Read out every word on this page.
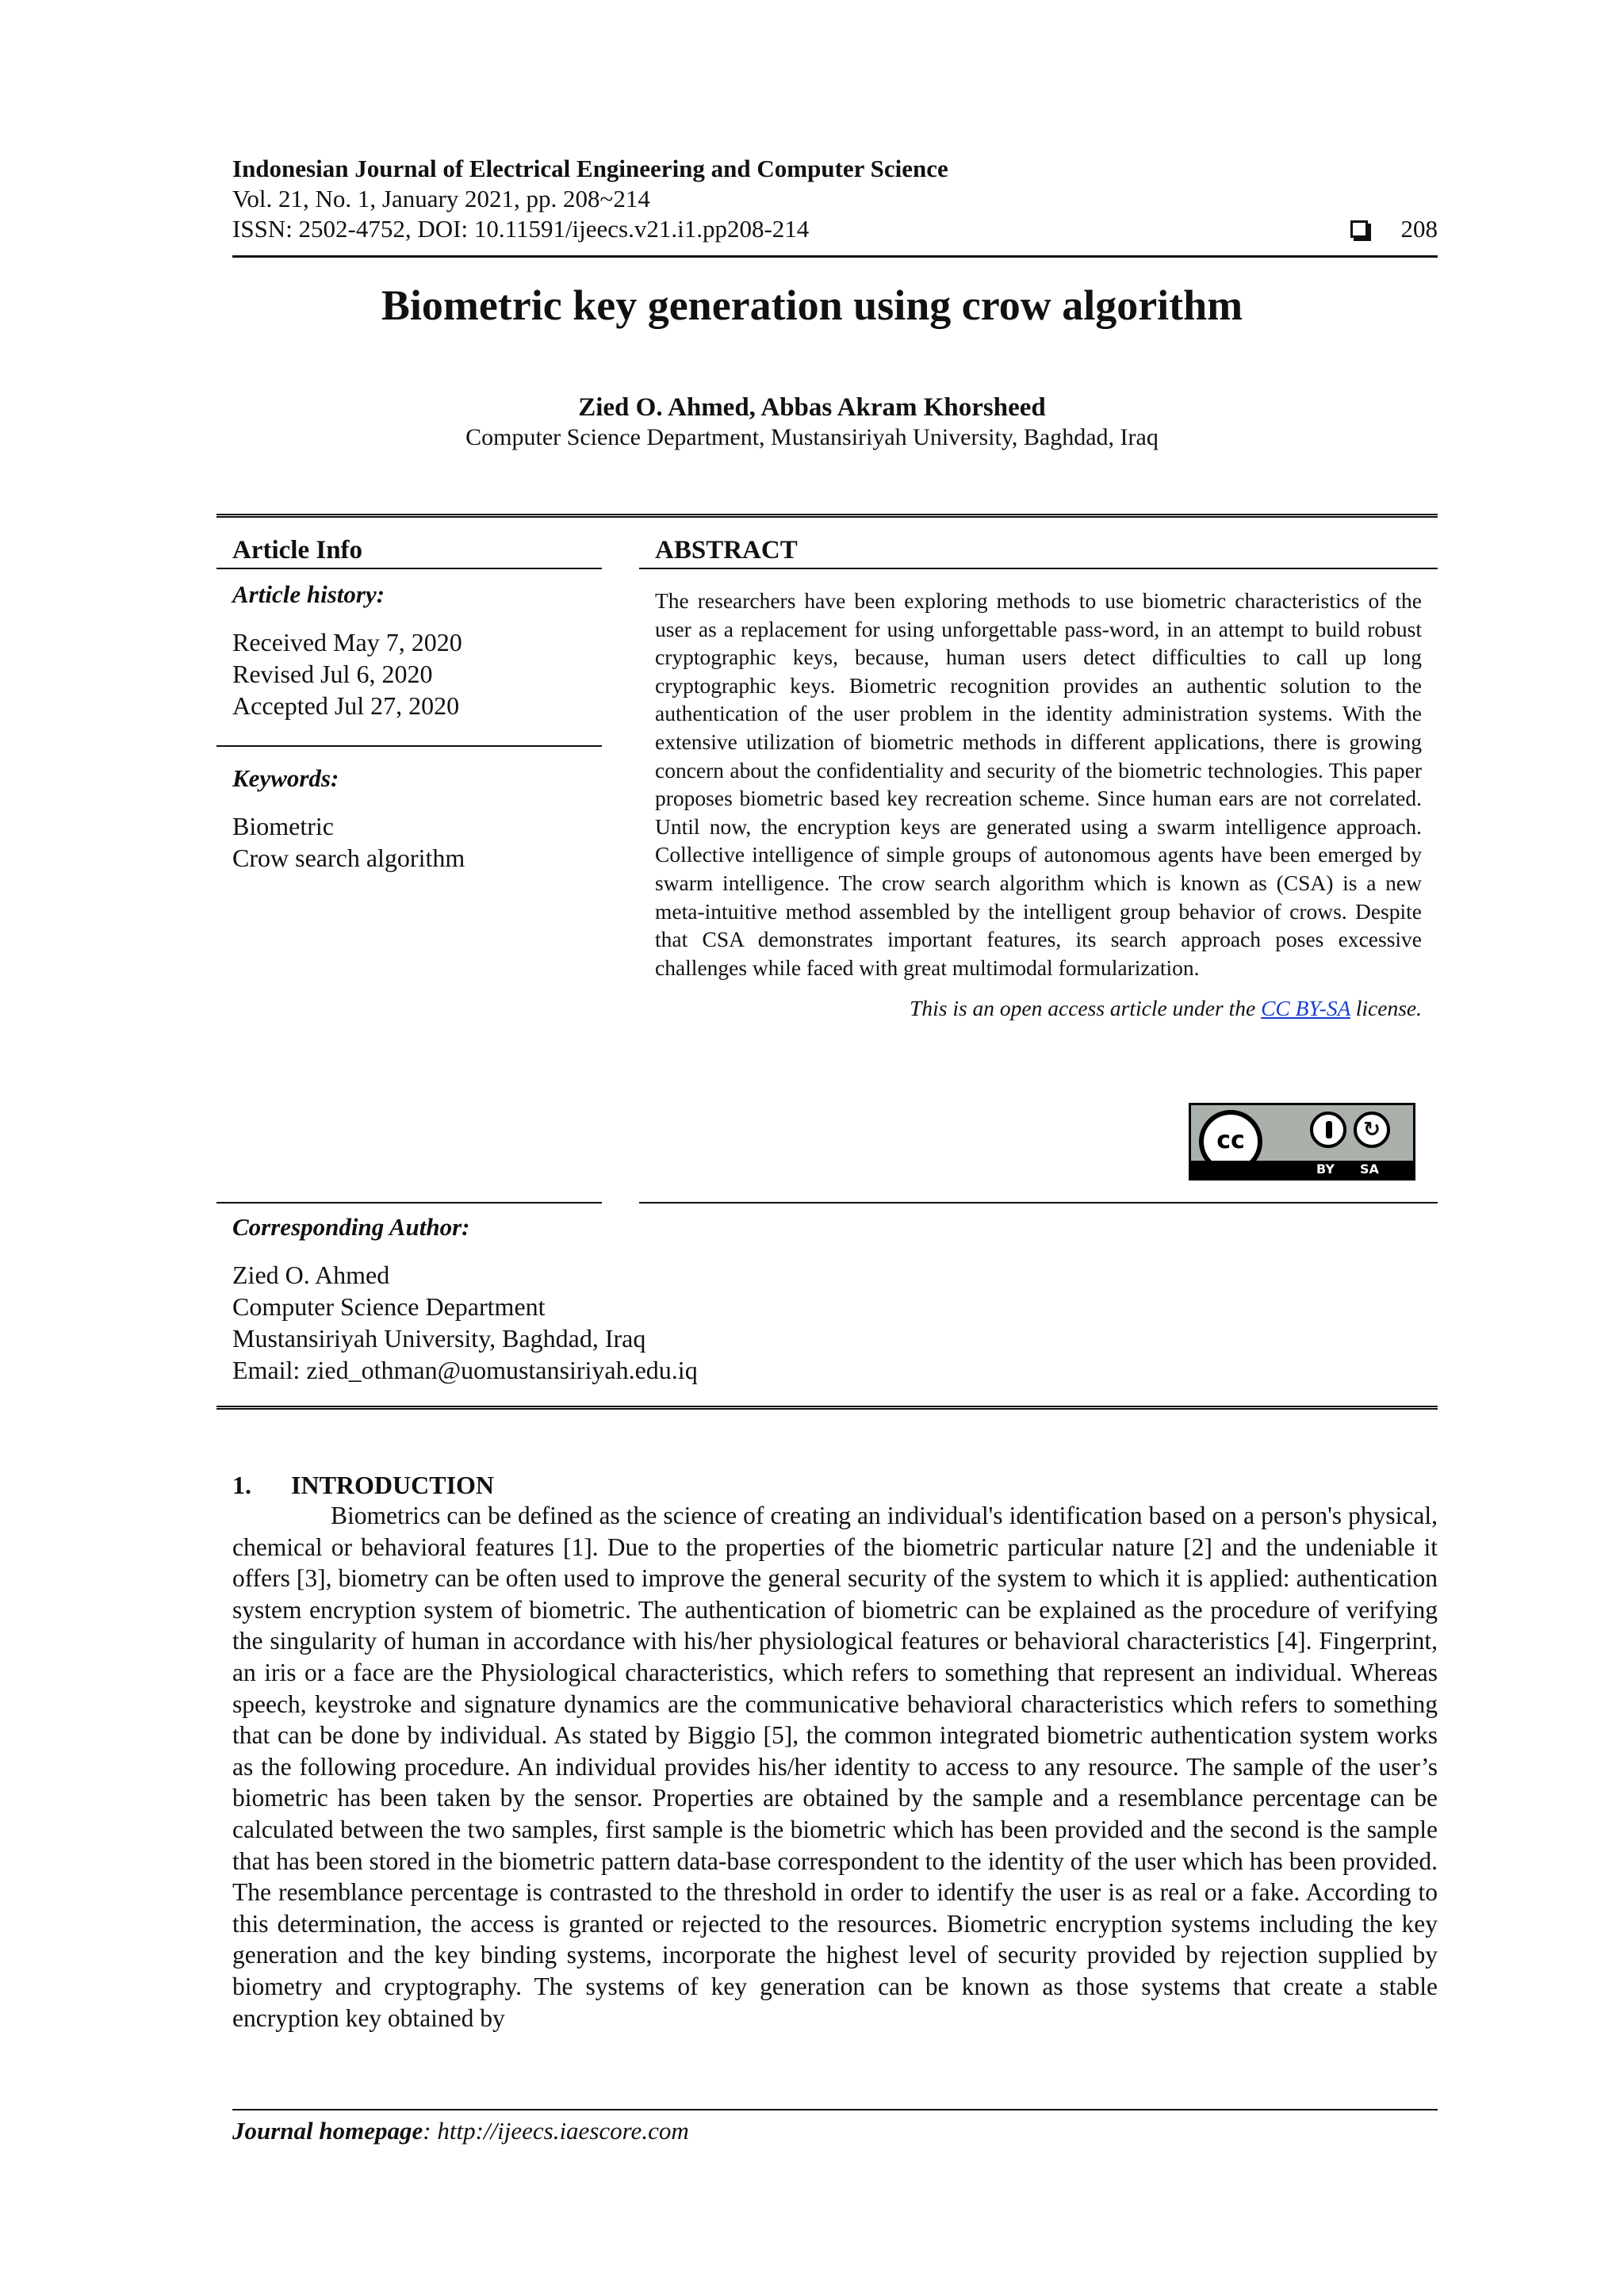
Indonesian Journal of Electrical Engineering and Computer Science
Vol. 21, No. 1, January 2021, pp. 208~214
ISSN: 2502-4752, DOI: 10.11591/ijeecs.v21.i1.pp208-214	208
Biometric key generation using crow algorithm
Zied O. Ahmed, Abbas Akram Khorsheed
Computer Science Department, Mustansiriyah University, Baghdad, Iraq
Article Info
Article history:
Received May 7, 2020
Revised Jul 6, 2020
Accepted Jul 27, 2020
Keywords:
Biometric
Crow search algorithm
ABSTRACT
The researchers have been exploring methods to use biometric characteristics of the user as a replacement for using unforgettable pass-word, in an attempt to build robust cryptographic keys, because, human users detect difficulties to call up long cryptographic keys. Biometric recognition provides an authentic solution to the authentication of the user problem in the identity administration systems. With the extensive utilization of biometric methods in different applications, there is growing concern about the confidentiality and security of the biometric technologies. This paper proposes biometric based key recreation scheme. Since human ears are not correlated. Until now, the encryption keys are generated using a swarm intelligence approach. Collective intelligence of simple groups of autonomous agents have been emerged by swarm intelligence. The crow search algorithm which is known as (CSA) is a new meta-intuitive method assembled by the intelligent group behavior of crows. Despite that CSA demonstrates important features, its search approach poses excessive challenges while faced with great multimodal formularization.
This is an open access article under the CC BY-SA license.
cc	↻
BY SA
Corresponding Author:
Zied O. Ahmed
Computer Science Department
Mustansiriyah University, Baghdad, Iraq
Email: zied_othman@uomustansiriyah.edu.iq
1. INTRODUCTION
Biometrics can be defined as the science of creating an individual's identification based on a person's physical, chemical or behavioral features [1]. Due to the properties of the biometric particular nature [2] and the undeniable it offers [3], biometry can be often used to improve the general security of the system to which it is applied: authentication system encryption system of biometric. The authentication of biometric can be explained as the procedure of verifying the singularity of human in accordance with his/her physiological features or behavioral characteristics [4]. Fingerprint, an iris or a face are the Physiological characteristics, which refers to something that represent an individual. Whereas speech, keystroke and signature dynamics are the communicative behavioral characteristics which refers to something that can be done by individual. As stated by Biggio [5], the common integrated biometric authentication system works as the following procedure. An individual provides his/her identity to access to any resource. The sample of the user’s biometric has been taken by the sensor. Properties are obtained by the sample and a resemblance percentage can be calculated between the two samples, first sample is the biometric which has been provided and the second is the sample that has been stored in the biometric pattern data-base correspondent to the identity of the user which has been provided. The resemblance percentage is contrasted to the threshold in order to identify the user is as real or a fake. According to this determination, the access is granted or rejected to the resources. Biometric encryption systems including the key generation and the key binding systems, incorporate the highest level of security provided by rejection supplied by biometry and cryptography. The systems of key generation can be known as those systems that create a stable encryption key obtained by
Journal homepage: http://ijeecs.iaescore.com
